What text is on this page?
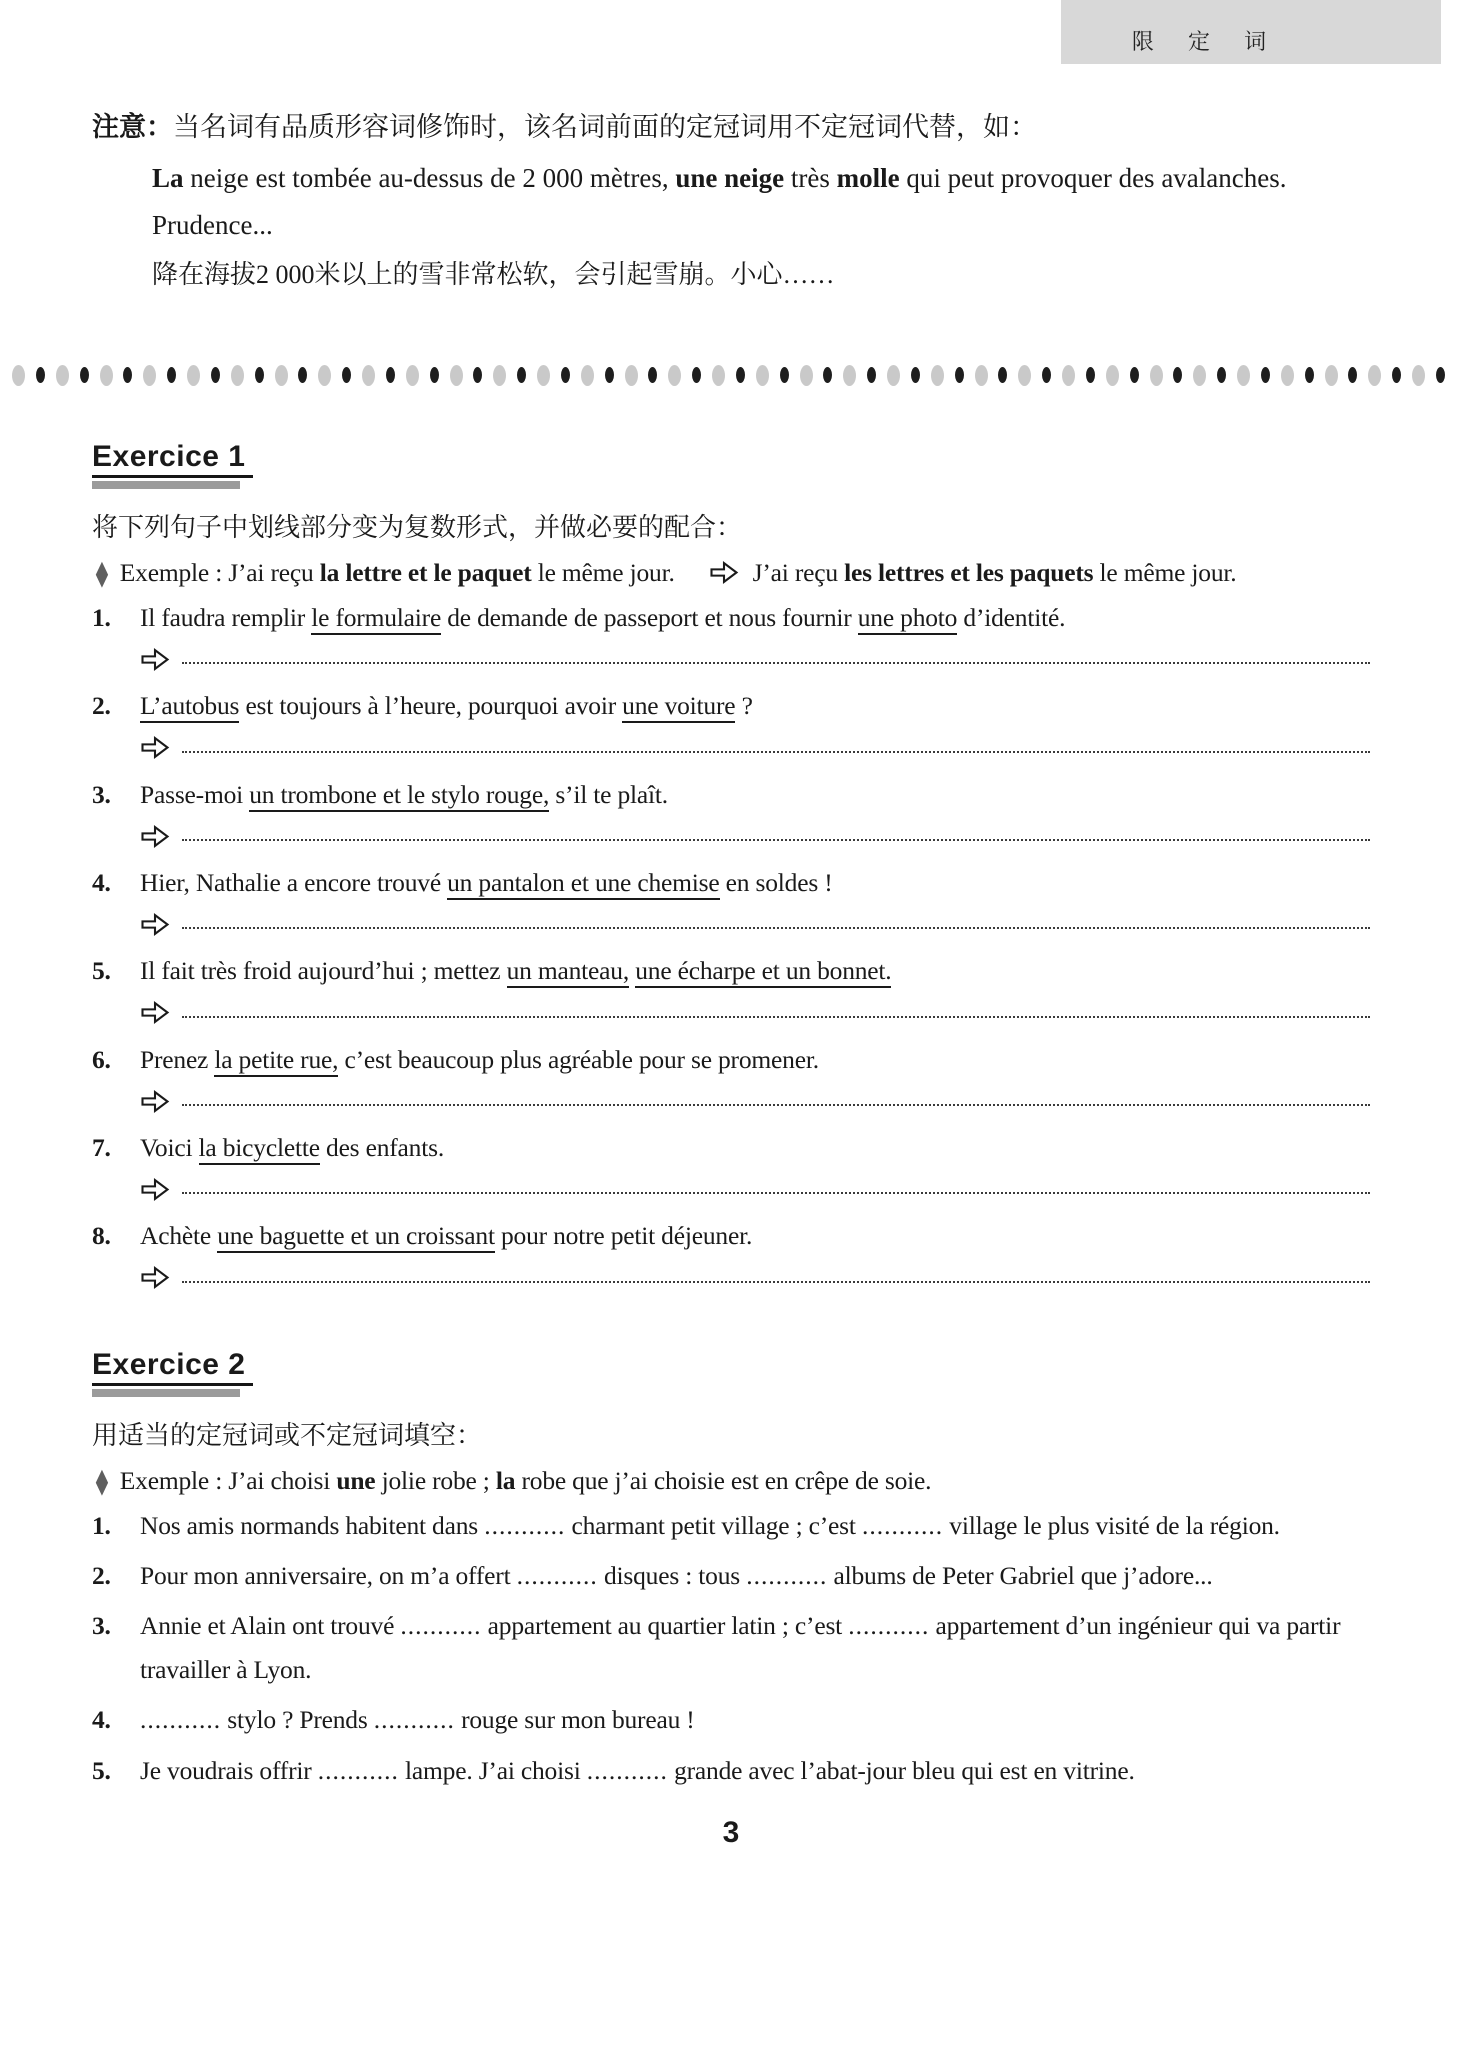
限 定 词

注意：当名词有品质形容词修饰时，该名词前面的定冠词用不定冠词代替，如：

La neige est tombée au-dessus de 2 000 mètres, une neige très molle qui peut provoquer des avalanches. Prudence...

降在海拔2 000米以上的雪非常松软，会引起雪崩。小心……

Exercice 1

将下列句子中划线部分变为复数形式，并做必要的配合：

◆ Exemple : J’ai reçu la lettre et le paquet le même jour.	J’ai reçu les lettres et les paquets le même jour.
1.	Il faudra remplir le formulaire de demande de passeport et nous fournir une photo d’identité.
2.	L’autobus est toujours à l’heure, pourquoi avoir une voiture ?
3.	Passe-moi un trombone et le stylo rouge, s’il te plaît.
4.	Hier, Nathalie a encore trouvé un pantalon et une chemise en soldes !
5.	Il fait très froid aujourd’hui ; mettez un manteau, une écharpe et un bonnet.
6.	Prenez la petite rue, c’est beaucoup plus agréable pour se promener.
7.	Voici la bicyclette des enfants.
8.	Achète une baguette et un croissant pour notre petit déjeuner.
Exercice 2

用适当的定冠词或不定冠词填空：

◆ Exemple : J’ai choisi une jolie robe ; la robe que j’ai choisie est en crêpe de soie.
1.	Nos amis normands habitent dans ........... charmant petit village ; c’est ........... village le plus visité de la région.
2.	Pour mon anniversaire, on m’a offert ........... disques : tous ........... albums de Peter Gabriel que j’adore...
3.	Annie et Alain ont trouvé ........... appartement au quartier latin ; c’est ........... appartement d’un ingénieur qui va partir travailler à Lyon.
4.	........... stylo ? Prends ........... rouge sur mon bureau !
5.	Je voudrais offrir ........... lampe. J’ai choisi ........... grande avec l’abat-jour bleu qui est en vitrine.
3
